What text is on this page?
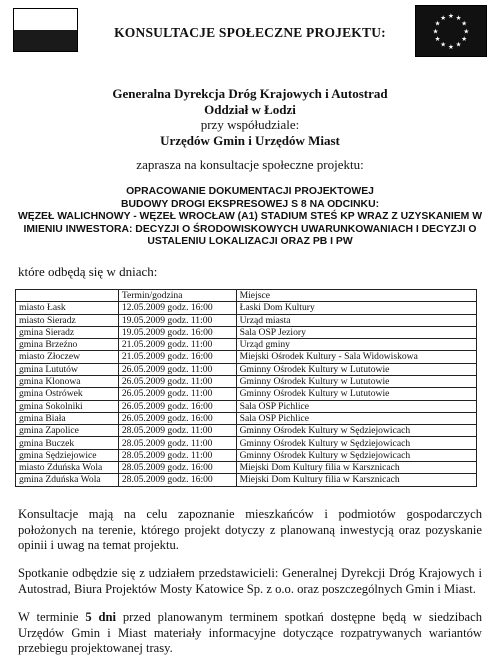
KONSULTACJE SPOŁECZNE PROJEKTU:
★ ★
★
★
★
★
★
★
★
★
★
★
Generalna Dyrekcja Dróg Krajowych i Autostrad
Oddział w Łodzi
przy współudziale:
Urzędów Gmin i Urzędów Miast
zaprasza na konsultacje społeczne projektu:
OPRACOWANIE DOKUMENTACJI PROJEKTOWEJ
BUDOWY DROGI EKSPRESOWEJ S 8 NA ODCINKU:
WĘZEŁ WALICHNOWY - WĘZEŁ WROCŁAW (A1) STADIUM STEŚ KP WRAZ Z UZYSKANIEM W
IMIENIU INWESTORA: DECYZJI O ŚRODOWISKOWYCH UWARUNKOWANIACH I DECYZJI O
USTALENIU LOKALIZACJI ORAZ PB I PW
które odbędą się w dniach:
	Termin/godzina	Miejsce
miasto Łask	12.05.2009 godz. 16:00	Łaski Dom Kultury
miasto Sieradz	19.05.2009 godz. 11:00	Urząd miasta
gmina Sieradz	19.05.2009 godz. 16:00	Sala OSP Jeziory
gmina Brzeźno	21.05.2009 godz. 11:00	Urząd gminy
miasto Złoczew	21.05.2009 godz. 16:00	Miejski Ośrodek Kultury - Sala Widowiskowa
gmina Lututów	26.05.2009 godz. 11:00	Gminny Ośrodek Kultury w Lututowie
gmina Klonowa	26.05.2009 godz. 11:00	Gminny Ośrodek Kultury w Lututowie
gmina Ostrówek	26.05.2009 godz. 11:00	Gminny Ośrodek Kultury w Lututowie
gmina Sokolniki	26.05.2009 godz. 16:00	Sala OSP Pichlice
gmina Biała	26.05.2009 godz. 16:00	Sala OSP Pichlice
gmina Zapolice	28.05.2009 godz. 11:00	Gminny Ośrodek Kultury w Sędziejowicach
gmina Buczek	28.05.2009 godz. 11:00	Gminny Ośrodek Kultury w Sędziejowicach
gmina Sędziejowice	28.05.2009 godz. 11:00	Gminny Ośrodek Kultury w Sędziejowicach
miasto Zduńska Wola	28.05.2009 godz. 16:00	Miejski Dom Kultury filia w Karsznicach
gmina Zduńska Wola	28.05.2009 godz. 16:00	Miejski Dom Kultury filia w Karsznicach
Konsultacje mają na celu zapoznanie mieszkańców i podmiotów gospodarczych położonych na terenie, którego projekt dotyczy z planowaną inwestycją oraz pozyskanie opinii i uwag na temat projektu.
Spotkanie odbędzie się z udziałem przedstawicieli: Generalnej Dyrekcji Dróg Krajowych i Autostrad, Biura Projektów Mosty Katowice Sp. z o.o. oraz poszczególnych Gmin i Miast.
W terminie 5 dni przed planowanym terminem spotkań dostępne będą w siedzibach Urzędów Gmin i Miast materiały informacyjne dotyczące rozpatrywanych wariantów przebiegu projektowanej trasy.
